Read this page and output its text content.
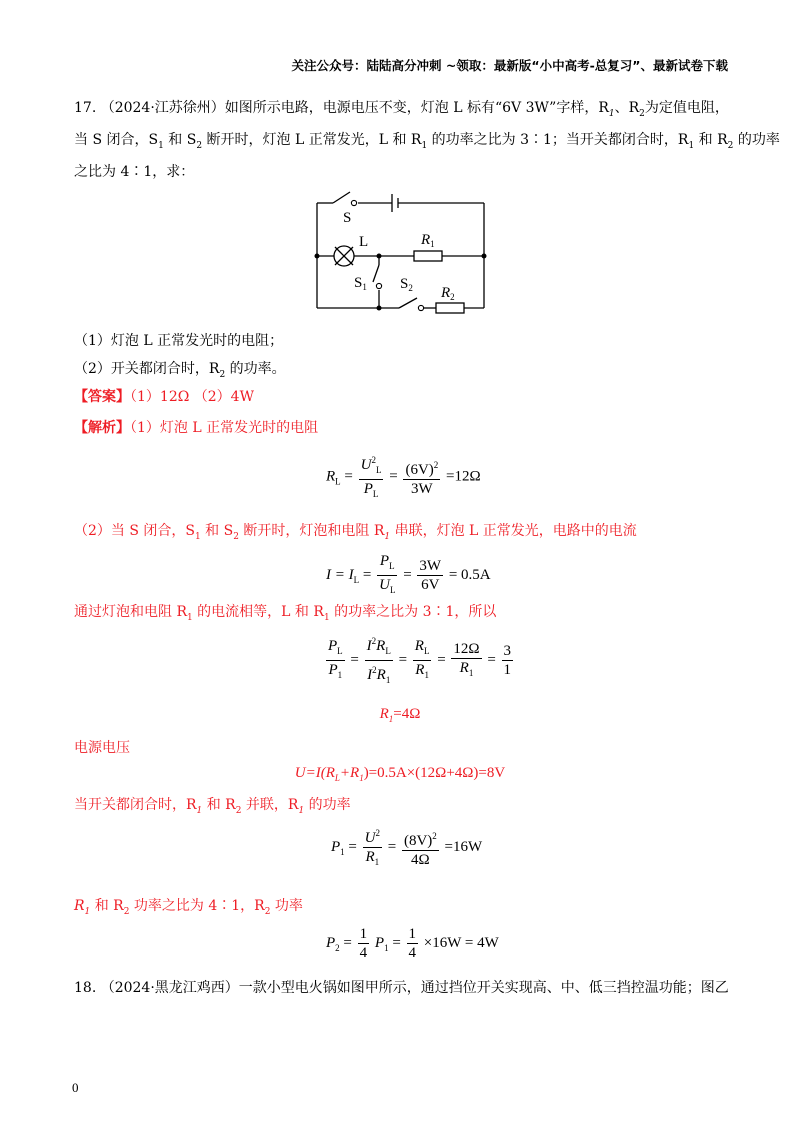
关注公众号：陆陆高分冲刺 ~领取：最新版“小中高考-总复习”、最新试卷下载
17. （2024·江苏徐州）如图所示电路，电源电压不变，灯泡 L 标有“6V 3W”字样，$R_1$、$R_2$为定值电阻，
当 S 闭合，$S_1$ 和 $S_2$ 断开时，灯泡 L 正常发光，L 和 $R_1$ 的功率之比为 3∶1；当开关都闭合时，$R_1$ 和 $R_2$ 的功率
之比为 4∶1，求：
S
L	$R_1$
$S_1$ $S_2$ $R_2$
（1）灯泡 L 正常发光时的电阻；
（2）开关都闭合时，$R_2$ 的功率。
【答案】（1）12Ω （2）4W
【解析】（1）灯泡 L 正常发光时的电阻
$R_L = \frac{U^2_L}{P_L} = \frac{(6V)^2}{3W} =12\Omega$
（2）当 S 闭合，$S_1$ 和 $S_2$ 断开时，灯泡和电阻 $R_1$ 串联，灯泡 L 正常发光，电路中的电流
$I = I_L = \frac{P_L}{U_L} = \frac{3W}{6V} = 0.5A$
通过灯泡和电阻 $R_1$ 的电流相等，L 和 $R_1$ 的功率之比为 3∶1，所以
$\frac{P_L}{P_1} = \frac{I^2R_L}{I^2R_1} = \frac{R_L}{R_1} = \frac{12\Omega}{R_1} = \frac{3}{1}$
$R_1=4\Omega$
电源电压
$U=I(R_L+R_1)=0.5A\times(12\Omega+4\Omega)=8V$
当开关都闭合时，$R_1$ 和 $R_2$ 并联，$R_1$ 的功率
$P_1 = \frac{U^2}{R_1} = \frac{(8V)^2}{4\Omega} =16W$
$R_1$ 和 $R_2$ 功率之比为 4∶1，$R_2$ 功率
$P_2 = \frac{1}{4} P_1 = \frac{1}{4} \times 16W = 4W$
18. （2024·黑龙江鸡西）一款小型电火锅如图甲所示，通过挡位开关实现高、中、低三挡控温功能；图乙
0
